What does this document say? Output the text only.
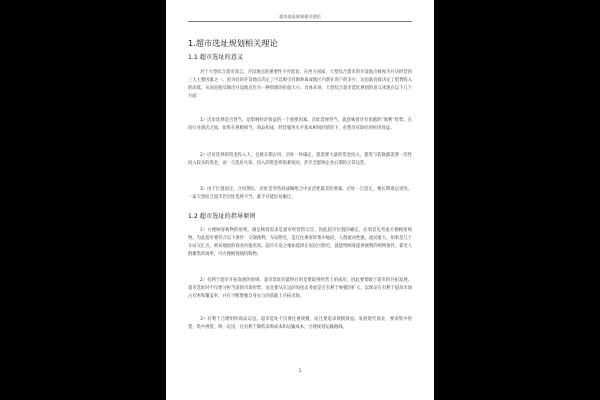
超市选址规划相关理论
1.超市选址规划相关理论
1.1 超市选址的意义
对于大型综合超市而言，开设地点的重要性不可低估。在西方国家，大型综合超市的开设地点被视为开店经营的三大主要因素之一。因为好的开设地点决定了可以吸引有限距离或地区内潜在客户的多少，这也就直接决定了销售收入的高低。从而直接反映出开设地点作为一种资源的价值大小。具体来讲，大型综合超市选址规划的意义体现在以下几个方面：
1）店址选择是否得当，是影响经济效益的一个重要因素。店址选择得当，就意味着享有优越的“地利”优势。在同行业商店之间，如果在规模相当、商品构成、经营服务水平基本相同的情况下，必然享有较好的经济效益。
2）店址选择的资金投入大，且被长期占用。店址一经确定，就需要大量的资金投入，建筑与装修都需要一次性投入较多的资金，而一旦选址失误，投入的资金将很难收回，甚至会影响企业后期的正常运营。
3）由于位置固定，合同期长，店址是零售商战略组合中灵活性最差的要素。店址一旦选定，便长期难以更改。一家大型综合超市若店址选择不当，就不可能轻易搬迁。
1.2 超市选址的指导原则
1）方便顾客购物的原则。满足顾客需求是超市经营的宗旨，因此超市位置的确定，必须首先考虑方便顾客购物。为此超市要符合以下条件：交通便利，车站附近，是过往乘客的集中地段，人群流动性强，流动量大。如果是几个车站交汇点，则该地段的商业价值更高。超市开设之地如选择在居民区附近，就能给顾客提供便利的购物条件，靠近人群聚集的场所，可方便顾客随机购物。
2）有利于超市开拓发展的原则。超市选址的最终目的是要取得经营上的成功，因此要着眼于超市的开拓发展。超市选址时不仅要分析当前的市场形势，而且要从长远的角度去考虑是否有利于规模的扩大，以保证在有利于提高市场占有率和覆盖率，并在不断增强自身实力的基础上开拓市场。
3）有利于合理组织商品运送。超市选址不仅要注重规模，而且要追求规模效益。发展现代商业，要求集中进货，集中供货，统一运送，这有利于降低采购成本和运输成本，合理规划运输路线。
1
